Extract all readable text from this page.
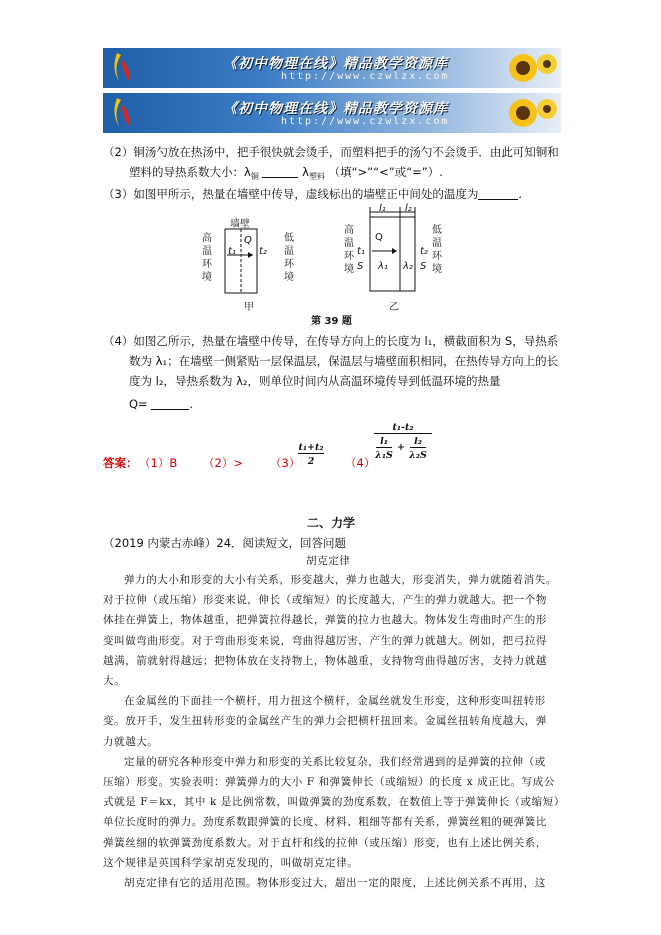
《初中物理在线》精品教学资源库
http://www.czwlzx.com
《初中物理在线》精品教学资源库
http://www.czwlzx.com
（2）铜汤勺放在热汤中，把手很快就会烫手，而塑料把手的汤勺不会烫手．由此可知铜和
塑料的导热系数大小：$\lambda_铜$	$\lambda_{塑料}$ （填“>”“<”或“=”）.
（3）如图甲所示，热量在墙壁中传导，虚线标出的墙壁正中间处的温度为	.
墙壁
高温环境
低温环境
t₁
Q
t₂
甲
l₁ l₂
高温环境
低温环境
Q
t₁	t₂
S	S
λ₁ λ₂
乙
第 39 题
（4）如图乙所示，热量在墙壁中传导，在传导方向上的长度为 l₁，横截面积为 S，导热系
数为 λ₁；在墙壁一侧紧贴一层保温层，保温层与墙壁面积相同，在热传导方向上的长
度为 l₂，导热系数为 λ₂，则单位时间内从高温环境传导到低温环境的热量
Q=	.
答案： （1）B （2）> （3）
t₁+t₂
2	（4）
t₁-t₂
l₁
λ₁S
+
l₂
λ₂S
二、力学
（2019 内蒙古赤峰）24．阅读短文，回答问题
胡克定律
弹力的大小和形变的大小有关系，形变越大，弹力也越大，形变消失，弹力就随着消失。
对于拉伸（或压缩）形变来说，伸长（或缩短）的长度越大，产生的弹力就越大。把一个物
体挂在弹簧上，物体越重，把弹簧拉得越长，弹簧的拉力也越大。物体发生弯曲时产生的形
变叫做弯曲形变。对于弯曲形变来说，弯曲得越厉害，产生的弹力就越大。例如，把弓拉得
越满，箭就射得越远；把物体放在支持物上，物体越重，支持物弯曲得越厉害，支持力就越
大。
在金属丝的下面挂一个横杆，用力扭这个横杆，金属丝就发生形变，这种形变叫扭转形
变。放开手，发生扭转形变的金属丝产生的弹力会把横杆扭回来。金属丝扭转角度越大，弹
力就越大。
定量的研究各种形变中弹力和形变的关系比较复杂，我们经常遇到的是弹簧的拉伸（或
压缩）形变。实验表明：弹簧弹力的大小 F 和弹簧伸长（或缩短）的长度 x 成正比。写成公
式就是 F＝kx，其中 k 是比例常数，叫做弹簧的劲度系数，在数值上等于弹簧伸长（或缩短）
单位长度时的弹力。劲度系数跟弹簧的长度、材料、粗细等都有关系，弹簧丝粗的硬弹簧比
弹簧丝细的软弹簧劲度系数大。对于直杆和线的拉伸（或压缩）形变，也有上述比例关系，
这个规律是英国科学家胡克发现的，叫做胡克定律。
胡克定律有它的适用范围。物体形变过大，超出一定的限度，上述比例关系不再用，这
